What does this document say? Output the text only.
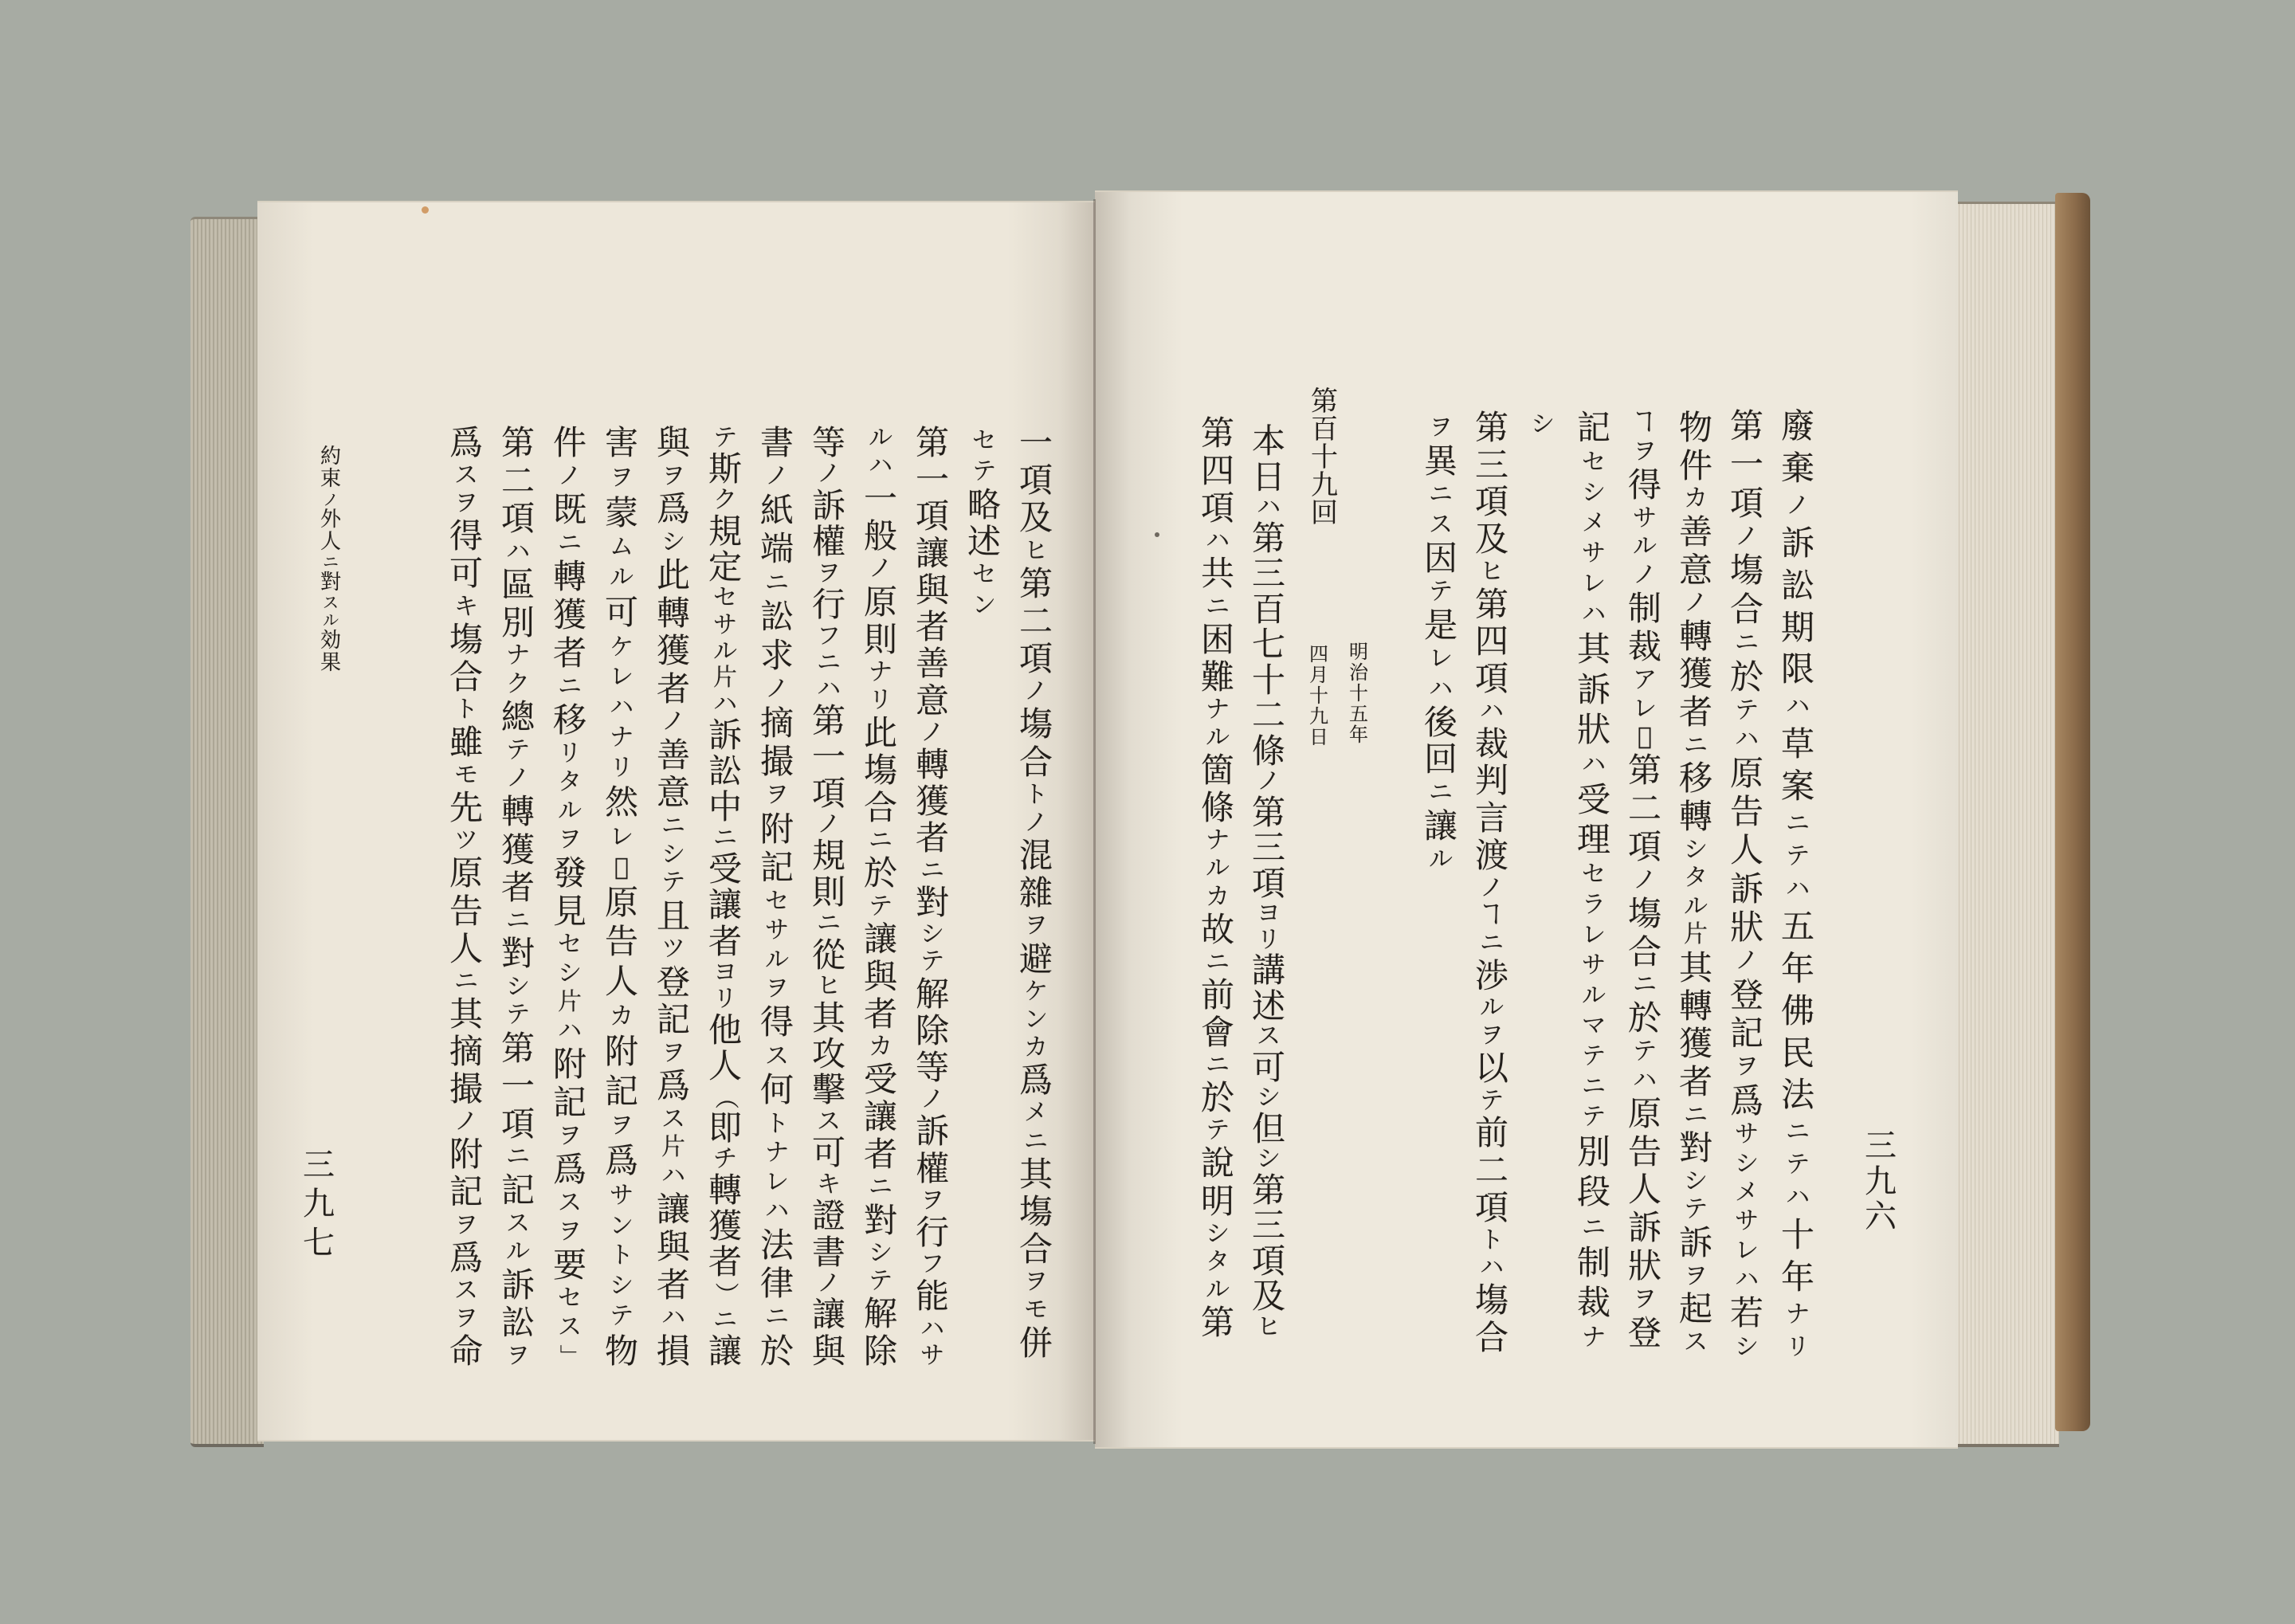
三
九
六
廢
棄
ノ
訴
訟
期
限
ハ
草
案
ニ
テ
ハ
五
年
佛
民
法
ニ
テ
ハ
十
年
ナ
リ
第
一
項
ノ
塲
合
ニ
於
テ
ハ
原
告
人
訴
狀
ノ
登
記
ヲ
爲
サ
シ
メ
サ
レ
ハ
若
シ
物
件
カ
善
意
ノ
轉
獲
者
ニ
移
轉
シ
タ
ル
片
其
轉
獲
者
ニ
對
シ
テ
訴
ヲ
起
ス
ヿ
ヲ
得
サ
ル
ノ
制
裁
ア
レ
𪜈
第
二
項
ノ
塲
合
ニ
於
テ
ハ
原
告
人
訴
狀
ヲ
登
記
セ
シ
メ
サ
レ
ハ
其
訴
狀
ハ
受
理
セ
ラ
レ
サ
ル
マ
テ
ニ
テ
別
段
ニ
制
裁
ナ
シ
第
三
項
及
ヒ
第
四
項
ハ
裁
判
言
渡
ノ
ヿ
ニ
渉
ル
ヲ
以
テ
前
二
項
ト
ハ
塲
合
ヲ
異
ニ
ス
因
テ
是
レ
ハ
後
回
ニ
讓
ル
第
百
十
九
回
明
治
十
五
年
四
月
十
九
日
本
日
ハ
第
三
百
七
十
二
條
ノ
第
三
項
ヨ
リ
講
述
ス
可
シ
但
シ
第
三
項
及
ヒ
第
四
項
ハ
共
ニ
困
難
ナ
ル
箇
條
ナ
ル
カ
故
ニ
前
會
ニ
於
テ
說
明
シ
タ
ル
第
一
項
及
ヒ
第
二
項
ノ
塲
合
ト
ノ
混
雜
ヲ
避
ケ
ン
カ
爲
メ
ニ
其
塲
合
ヲ
モ
併
セ
テ
略
述
セ
ン
第
一
項
讓
與
者
善
意
ノ
轉
獲
者
ニ
對
シ
テ
解
除
等
ノ
訴
權
ヲ
行
フ
能
ハ
サ
ル
ハ
一
般
ノ
原
則
ナ
リ
此
塲
合
ニ
於
テ
讓
與
者
カ
受
讓
者
ニ
對
シ
テ
解
除
等
ノ
訴
權
ヲ
行
フ
ニ
ハ
第
一
項
ノ
規
則
ニ
從
ヒ
其
攻
擊
ス
可
キ
證
書
ノ
讓
與
書
ノ
紙
端
ニ
訟
求
ノ
摘
撮
ヲ
附
記
セ
サ
ル
ヲ
得
ス
何
ト
ナ
レ
ハ
法
律
ニ
於
テ
斯
ク
規
定
セ
サ
ル
片
ハ
訴
訟
中
ニ
受
讓
者
ヨ
リ
他
人
（
即
チ
轉
獲
者
）
ニ
讓
與
ヲ
爲
シ
此
轉
獲
者
ノ
善
意
ニ
シ
テ
且
ツ
登
記
ヲ
爲
ス
片
ハ
讓
與
者
ハ
損
害
ヲ
蒙
ム
ル
可
ケ
レ
ハ
ナ
リ
然
レ
𪜈
原
告
人
カ
附
記
ヲ
爲
サ
ン
ト
シ
テ
物
件
ノ
既
ニ
轉
獲
者
ニ
移
リ
タ
ル
ヲ
發
見
セ
シ
片
ハ
附
記
ヲ
爲
ス
ヲ
要
セ
ス
」
第
二
項
ハ
區
別
ナ
ク
總
テ
ノ
轉
獲
者
ニ
對
シ
テ
第
一
項
ニ
記
ス
ル
訴
訟
ヲ
爲
ス
ヲ
得
可
キ
塲
合
ト
雖
モ
先
ツ
原
告
人
ニ
其
摘
撮
ノ
附
記
ヲ
爲
ス
ヲ
命
約
束
ノ
外
人
ニ
對
ス
ル
効
果
三
九
七
